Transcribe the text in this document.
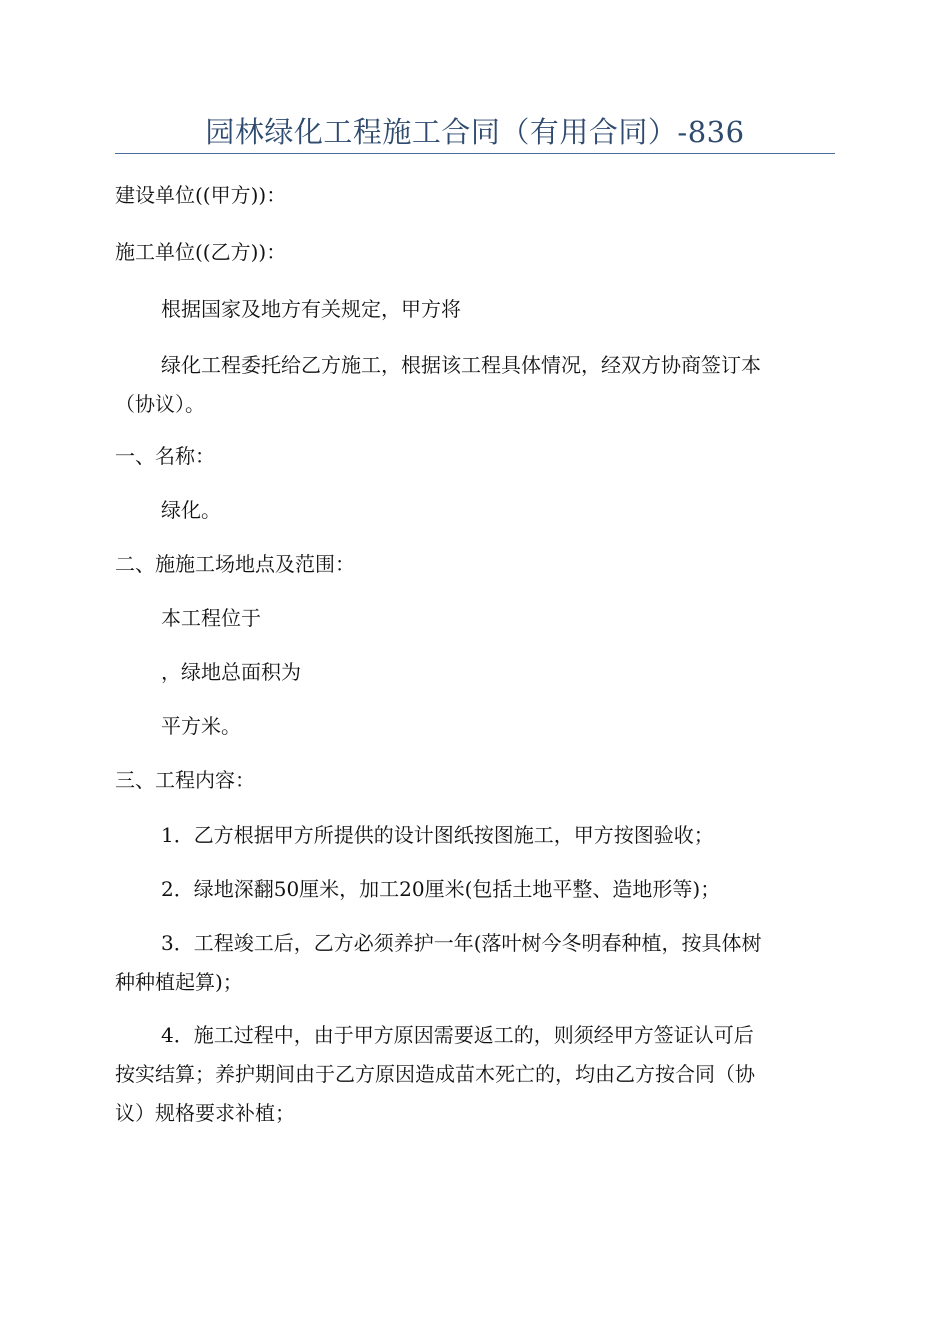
园林绿化工程施工合同（有用合同）-836
建设单位((甲方))：
施工单位((乙方))：
根据国家及地方有关规定，甲方将
绿化工程委托给乙方施工，根据该工程具体情况，经双方协商签订本
（协议）。
一、名称：
绿化。
二、施施工场地点及范围：
本工程位于
，绿地总面积为
平方米。
三、工程内容：
1．乙方根据甲方所提供的设计图纸按图施工，甲方按图验收；
2．绿地深翻50厘米，加工20厘米(包括土地平整、造地形等)；
3．工程竣工后，乙方必须养护一年(落叶树今冬明春种植，按具体树
种种植起算)；
4．施工过程中，由于甲方原因需要返工的，则须经甲方签证认可后
按实结算；养护期间由于乙方原因造成苗木死亡的，均由乙方按合同（协
议）规格要求补植；
